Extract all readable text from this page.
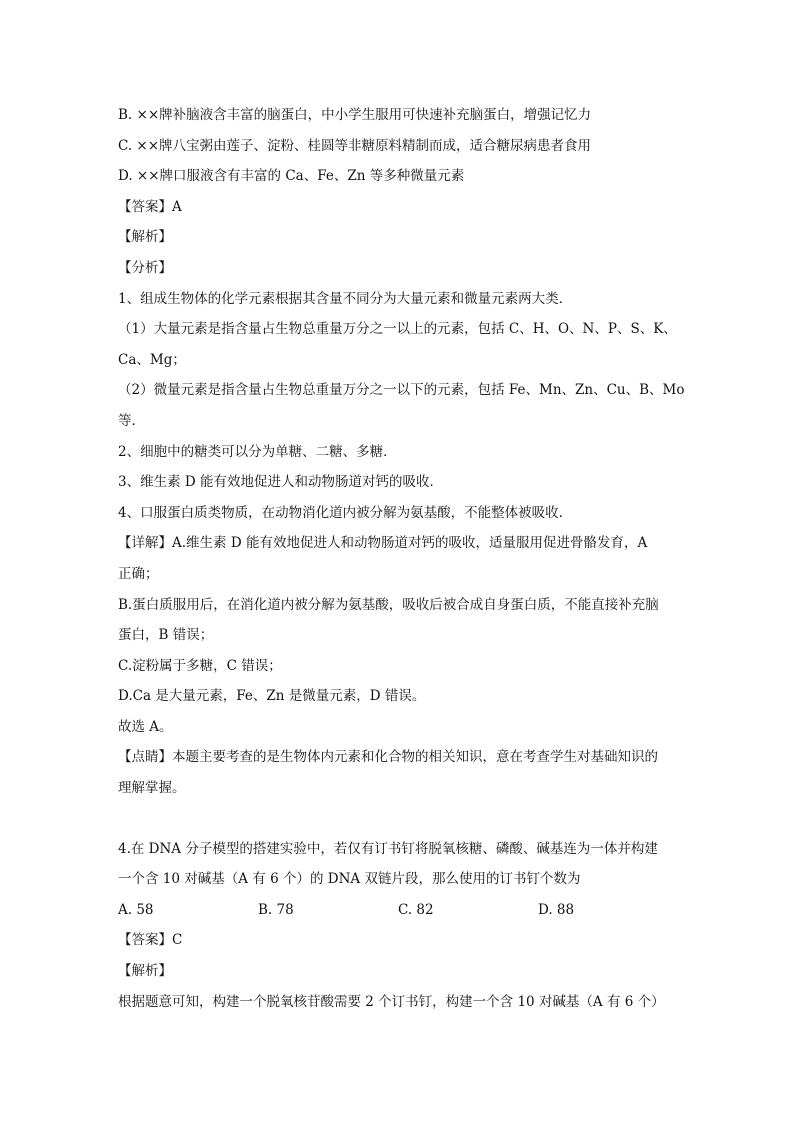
B. ××牌补脑液含丰富的脑蛋白，中小学生服用可快速补充脑蛋白，增强记忆力
C. ××牌八宝粥由莲子、淀粉、桂圆等非糖原料精制而成，适合糖尿病患者食用
D. ××牌口服液含有丰富的 Ca、Fe、Zn 等多种微量元素
【答案】A
【解析】
【分析】
1、组成生物体的化学元素根据其含量不同分为大量元素和微量元素两大类．
（1）大量元素是指含量占生物总重量万分之一以上的元素，包括 C、H、O、N、P、S、K、
Ca、Mg；
（2）微量元素是指含量占生物总重量万分之一以下的元素，包括 Fe、Mn、Zn、Cu、B、Mo
等．
2、细胞中的糖类可以分为单糖、二糖、多糖．
3、维生素 D 能有效地促进人和动物肠道对钙的吸收．
4、口服蛋白质类物质，在动物消化道内被分解为氨基酸，不能整体被吸收．
【详解】A.维生素 D 能有效地促进人和动物肠道对钙的吸收，适量服用促进骨骼发育，A
正确；
B.蛋白质服用后，在消化道内被分解为氨基酸，吸收后被合成自身蛋白质，不能直接补充脑
蛋白，B 错误；
C.淀粉属于多糖，C 错误；
D.Ca 是大量元素，Fe、Zn 是微量元素，D 错误。
故选 A。
【点睛】本题主要考查的是生物体内元素和化合物的相关知识，意在考查学生对基础知识的
理解掌握。
4.在 DNA 分子模型的搭建实验中，若仅有订书钉将脱氧核糖、磷酸、碱基连为一体并构建
一个含 10 对碱基（A 有 6 个）的 DNA 双链片段，那么使用的订书钉个数为
A. 58	B. 78	C. 82	D. 88
【答案】C
【解析】
根据题意可知，构建一个脱氧核苷酸需要 2 个订书钉，构建一个含 10 对碱基（A 有 6 个）
